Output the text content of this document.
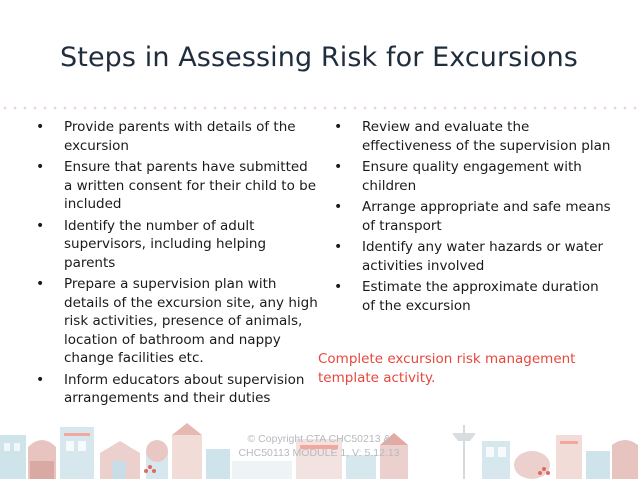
Steps in Assessing Risk for Excursions
• Provide parents with details of the excursion
• Ensure that parents have submitted a written consent for their child to be included
• Identify the number of adult supervisors, including helping parents
• Prepare a supervision plan with details of the excursion site, any high risk activities, presence of animals, location of bathroom and nappy change facilities etc.
• Inform educators about supervision arrangements and their duties
• Review and evaluate the effectiveness of the supervision plan
• Ensure quality engagement with children
• Arrange appropriate and safe means of transport
• Identify any water hazards or water activities involved
• Estimate the approximate duration of the excursion
Complete excursion risk management template activity.
© Copyright CTA CHC50213 &
CHC50113 MODULE 1, V: 5.12.13
